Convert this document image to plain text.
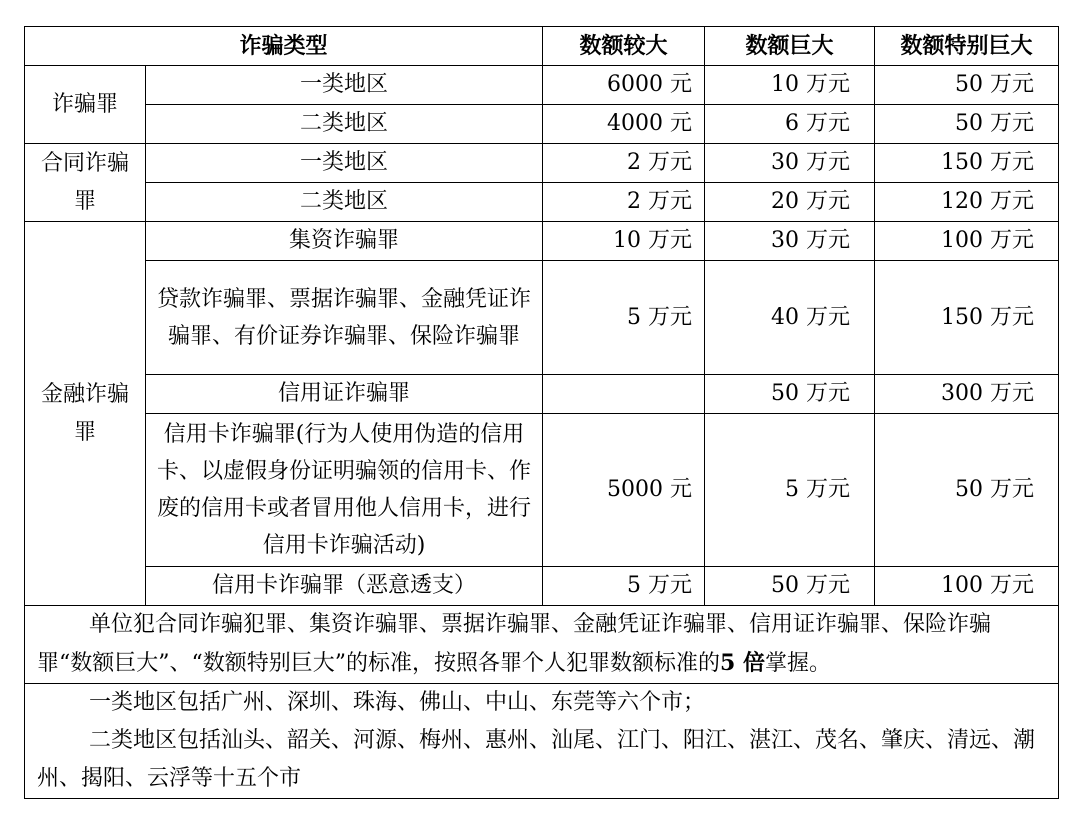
诈骗类型		数额较大	数额巨大	数额特别巨大
诈骗罪	一类地区	6000 元	10 万元	50 万元
	二类地区	4000 元	6 万元	50 万元
合同诈骗罪	一类地区	2 万元	30 万元	150 万元
	二类地区	2 万元	20 万元	120 万元
金融诈骗罪	集资诈骗罪	10 万元	30 万元	100 万元
	贷款诈骗罪、票据诈骗罪、金融凭证诈骗罪、有价证券诈骗罪、保险诈骗罪	5 万元	40 万元	150 万元
	信用证诈骗罪		50 万元	300 万元
	信用卡诈骗罪(行为人使用伪造的信用卡、以虚假身份证明骗领的信用卡、作废的信用卡或者冒用他人信用卡，进行信用卡诈骗活动)	5000 元	5 万元	50 万元
	信用卡诈骗罪（恶意透支）	5 万元	50 万元	100 万元
单位犯合同诈骗犯罪、集资诈骗罪、票据诈骗罪、金融凭证诈骗罪、信用证诈骗罪、保险诈骗罪“数额巨大”、“数额特别巨大”的标准，按照各罪个人犯罪数额标准的5 倍掌握。				

一类地区包括广州、深圳、珠海、佛山、中山、东莞等六个市；

二类地区包括汕头、韶关、河源、梅州、惠州、汕尾、江门、阳江、湛江、茂名、肇庆、清远、潮州、揭阳、云浮等十五个市				
